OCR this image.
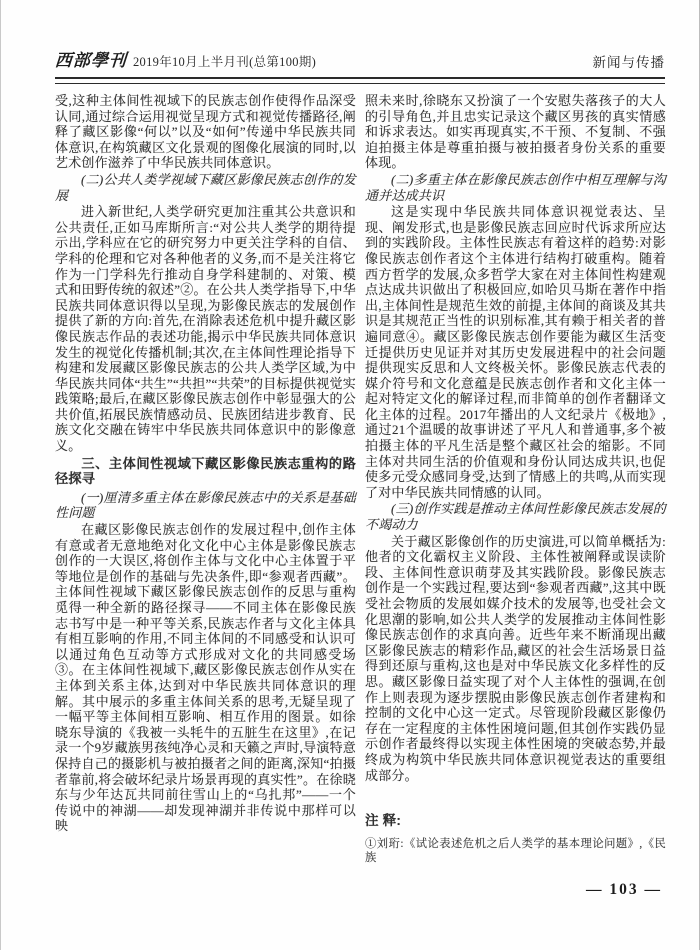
西部學刊 2019年10月上半月刊(总第100期)	新闻与传播

受,这种主体间性视域下的民族志创作使得作品深受认同,通过综合运用视觉呈现方式和视觉传播路径,阐释了藏区影像“何以”以及“如何”传递中华民族共同体意识,在构筑藏区文化景观的图像化展演的同时,以艺术创作滋养了中华民族共同体意识。

(二)公共人类学视域下藏区影像民族志创作的发展

进入新世纪,人类学研究更加注重其公共意识和公共责任,正如马库斯所言:“对公共人类学的期待提示出,学科应在它的研究努力中更关注学科的自信、学科的伦理和它对各种他者的义务,而不是关注将它作为一门学科先行推动自身学科建制的、对策、模式和田野传统的叙述”②。在公共人类学指导下,中华民族共同体意识得以呈现,为影像民族志的发展创作提供了新的方向:首先,在消除表述危机中提升藏区影像民族志作品的表述功能,揭示中华民族共同体意识发生的视觉化传播机制;其次,在主体间性理论指导下构建和发展藏区影像民族志的公共人类学区域,为中华民族共同体“共生”“共担”“共荣”的目标提供视觉实践策略;最后,在藏区影像民族志创作中彰显强大的公共价值,拓展民族情感动员、民族团结进步教育、民族文化交融在铸牢中华民族共同体意识中的影像意义。

三、主体间性视域下藏区影像民族志重构的路径探寻
(一)厘清多重主体在影像民族志中的关系是基础性问题

在藏区影像民族志创作的发展过程中,创作主体有意或者无意地绝对化文化中心主体是影像民族志创作的一大误区,将创作主体与文化中心主体置于平等地位是创作的基础与先决条件,即“参观者西藏”。主体间性视域下藏区影像民族志创作的反思与重构觅得一种全新的路径探寻——不同主体在影像民族志书写中是一种平等关系,民族志作者与文化主体具有相互影响的作用,不同主体间的不同感受和认识可以通过角色互动等方式形成对文化的共同感受场③。在主体间性视域下,藏区影像民族志创作从实在主体到关系主体,达到对中华民族共同体意识的理解。其中展示的多重主体间关系的思考,无疑呈现了一幅平等主体间相互影响、相互作用的图景。如徐晓东导演的《我被一头牦牛的五脏生在这里》,在记录一个9岁藏族男孩纯净心灵和天籁之声时,导演特意保持自己的摄影机与被拍摄者之间的距离,深知“拍摄者靠前,将会破坏纪录片场景再现的真实性”。在徐晓东与少年达瓦共同前往雪山上的“乌扎邦”——一个传说中的神湖——却发现神湖并非传说中那样可以映

照未来时,徐晓东又扮演了一个安慰失落孩子的大人的引导角色,并且忠实记录这个藏区男孩的真实情感和诉求表达。如实再现真实,不干预、不复制、不强迫拍摄主体是尊重拍摄与被拍摄者身份关系的重要体现。

(二)多重主体在影像民族志创作中相互理解与沟通并达成共识

这是实现中华民族共同体意识视觉表达、呈现、阐发形式,也是影像民族志回应时代诉求所应达到的实践阶段。主体性民族志有着这样的趋势:对影像民族志创作者这个主体进行结构打破重构。随着西方哲学的发展,众多哲学大家在对主体间性构建观点达成共识做出了积极回应,如哈贝马斯在著作中指出,主体间性是规范生效的前提,主体间的商谈及其共识是其规范正当性的识别标准,其有赖于相关者的普遍同意④。藏区影像民族志创作要能为藏区生活变迁提供历史见证并对其历史发展进程中的社会问题提供现实反思和人文终极关怀。影像民族志代表的媒介符号和文化意蕴是民族志创作者和文化主体一起对特定文化的解译过程,而非简单的创作者翻译文化主体的过程。2017年播出的人文纪录片《极地》,通过21个温暖的故事讲述了平凡人和普通事,多个被拍摄主体的平凡生活是整个藏区社会的缩影。不同主体对共同生活的价值观和身份认同达成共识,也促使多元受众感同身受,达到了情感上的共鸣,从而实现了对中华民族共同情感的认同。

(三)创作实践是推动主体间性影像民族志发展的不竭动力

关于藏区影像创作的历史演进,可以简单概括为:他者的文化霸权主义阶段、主体性被阐释或误读阶段、主体间性意识萌芽及其实践阶段。影像民族志创作是一个实践过程,要达到“参观者西藏”,这其中既受社会物质的发展如媒介技术的发展等,也受社会文化思潮的影响,如公共人类学的发展推动主体间性影像民族志创作的求真向善。近些年来不断涌现出藏区影像民族志的精彩作品,藏区的社会生活场景日益得到还原与重构,这也是对中华民族文化多样性的反思。藏区影像日益实现了对个人主体性的强调,在创作上则表现为逐步摆脱由影像民族志创作者建构和控制的文化中心这一定式。尽管现阶段藏区影像仍存在一定程度的主体性困境问题,但其创作实践仍显示创作者最终得以实现主体性困境的突破态势,并最终成为构筑中华民族共同体意识视觉表达的重要组成部分。

注 释:

①刘珩:《试论表述危机之后人类学的基本理论问题》,《民族

— 103 —
